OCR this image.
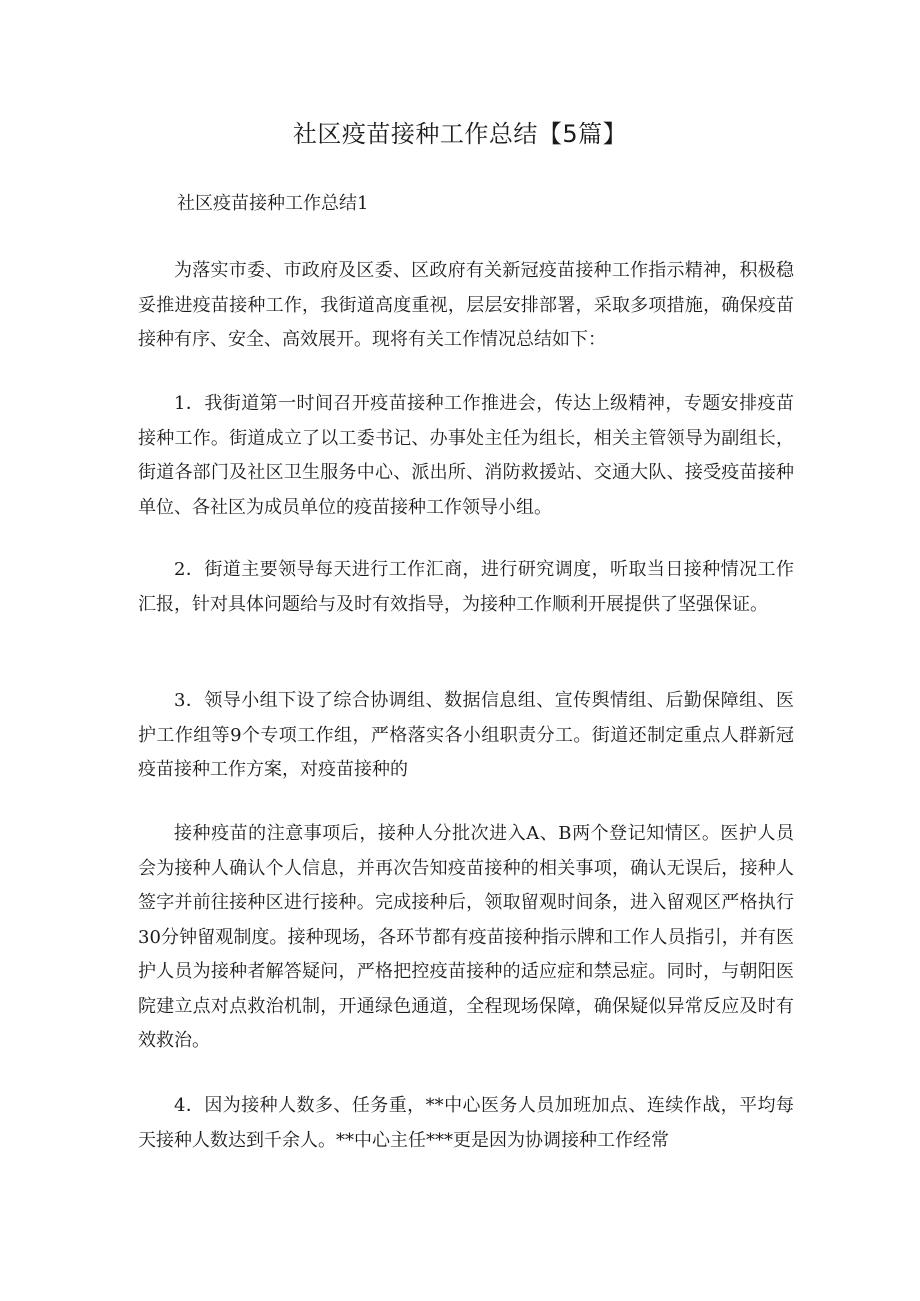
社区疫苗接种工作总结【5篇】

社区疫苗接种工作总结1

为落实市委、市政府及区委、区政府有关新冠疫苗接种工作指示精神，积极稳妥推进疫苗接种工作，我街道高度重视，层层安排部署，采取多项措施，确保疫苗接种有序、安全、高效展开。现将有关工作情况总结如下：

1．我街道第一时间召开疫苗接种工作推进会，传达上级精神，专题安排疫苗接种工作。街道成立了以工委书记、办事处主任为组长，相关主管领导为副组长，街道各部门及社区卫生服务中心、派出所、消防救援站、交通大队、接受疫苗接种单位、各社区为成员单位的疫苗接种工作领导小组。

2．街道主要领导每天进行工作汇商，进行研究调度，听取当日接种情况工作汇报，针对具体问题给与及时有效指导，为接种工作顺利开展提供了坚强保证。

3．领导小组下设了综合协调组、数据信息组、宣传舆情组、后勤保障组、医护工作组等9个专项工作组，严格落实各小组职责分工。街道还制定重点人群新冠疫苗接种工作方案，对疫苗接种的

接种疫苗的注意事项后，接种人分批次进入A、B两个登记知情区。医护人员会为接种人确认个人信息，并再次告知疫苗接种的相关事项，确认无误后，接种人签字并前往接种区进行接种。完成接种后，领取留观时间条，进入留观区严格执行30分钟留观制度。接种现场，各环节都有疫苗接种指示牌和工作人员指引，并有医护人员为接种者解答疑问，严格把控疫苗接种的适应症和禁忌症。同时，与朝阳医院建立点对点救治机制，开通绿色通道，全程现场保障，确保疑似异常反应及时有效救治。

4．因为接种人数多、任务重，**中心医务人员加班加点、连续作战，平均每天接种人数达到千余人。**中心主任***更是因为协调接种工作经常
